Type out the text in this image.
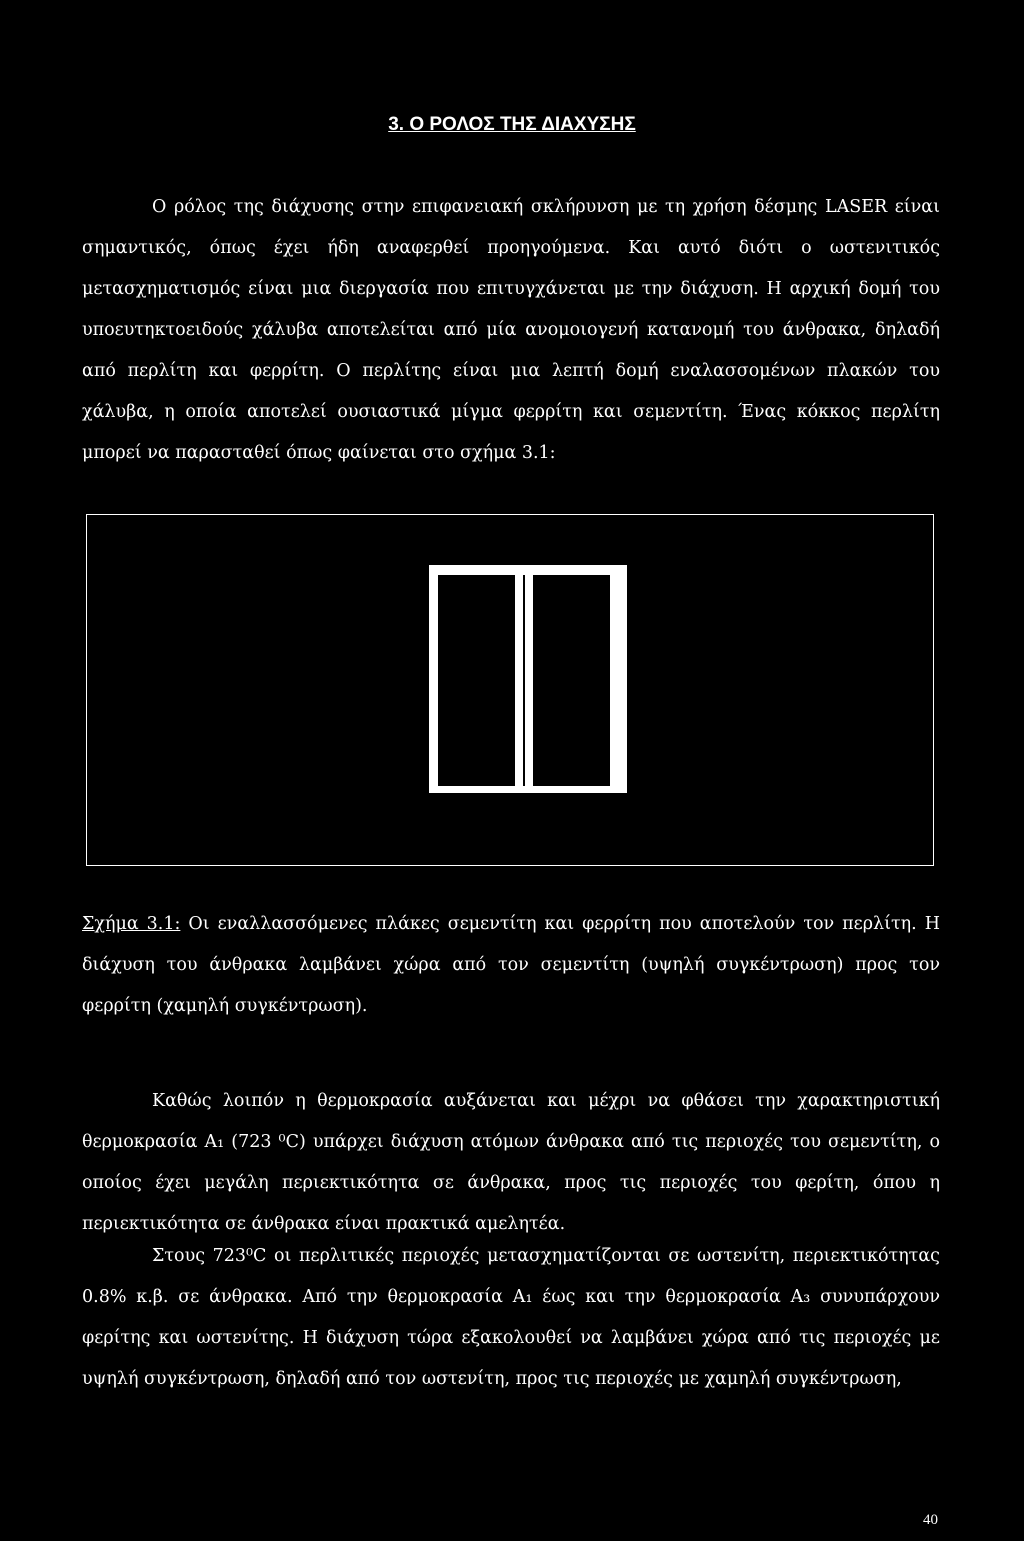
3. Ο ΡΟΛΟΣ ΤΗΣ ΔΙΑΧΥΣΗΣ
Ο ρόλος της διάχυσης στην επιφανειακή σκλήρυνση με τη χρήση δέσμης LASER είναι σημαντικός, όπως έχει ήδη αναφερθεί προηγούμενα. Και αυτό διότι ο ωστενιτικός μετασχηματισμός είναι μια διεργασία που επιτυγχάνεται με την διάχυση. Η αρχική δομή του υποευτηκτοειδούς χάλυβα αποτελείται από μία ανομοιογενή κατανομή του άνθρακα, δηλαδή από περλίτη και φερρίτη. Ο περλίτης είναι μια λεπτή δομή εναλασσομένων πλακών του χάλυβα, η οποία αποτελεί ουσιαστικά μίγμα φερρίτη και σεμεντίτη. Ένας κόκκος περλίτη μπορεί να παρασταθεί όπως φαίνεται στο σχήμα 3.1:
Σχήμα 3.1: Οι εναλλασσόμενες πλάκες σεμεντίτη και φερρίτη που αποτελούν τον περλίτη. Η διάχυση του άνθρακα λαμβάνει χώρα από τον σεμεντίτη (υψηλή συγκέντρωση) προς τον φερρίτη (χαμηλή συγκέντρωση).
Καθώς λοιπόν η θερμοκρασία αυξάνεται και μέχρι να φθάσει την χαρακτηριστική θερμοκρασία A₁ (723 ⁰C) υπάρχει διάχυση ατόμων άνθρακα από τις περιοχές του σεμεντίτη, ο οποίος έχει μεγάλη περιεκτικότητα σε άνθρακα, προς τις περιοχές του φερίτη, όπου η περιεκτικότητα σε άνθρακα είναι πρακτικά αμελητέα.
Στους 723⁰C οι περλιτικές περιοχές μετασχηματίζονται σε ωστενίτη, περιεκτικότητας 0.8% κ.β. σε άνθρακα. Από την θερμοκρασία A₁ έως και την θερμοκρασία A₃ συνυπάρχουν φερίτης και ωστενίτης. Η διάχυση τώρα εξακολουθεί να λαμβάνει χώρα από τις περιοχές με υψηλή συγκέντρωση, δηλαδή από τον ωστενίτη, προς τις περιοχές με χαμηλή συγκέντρωση,
40
